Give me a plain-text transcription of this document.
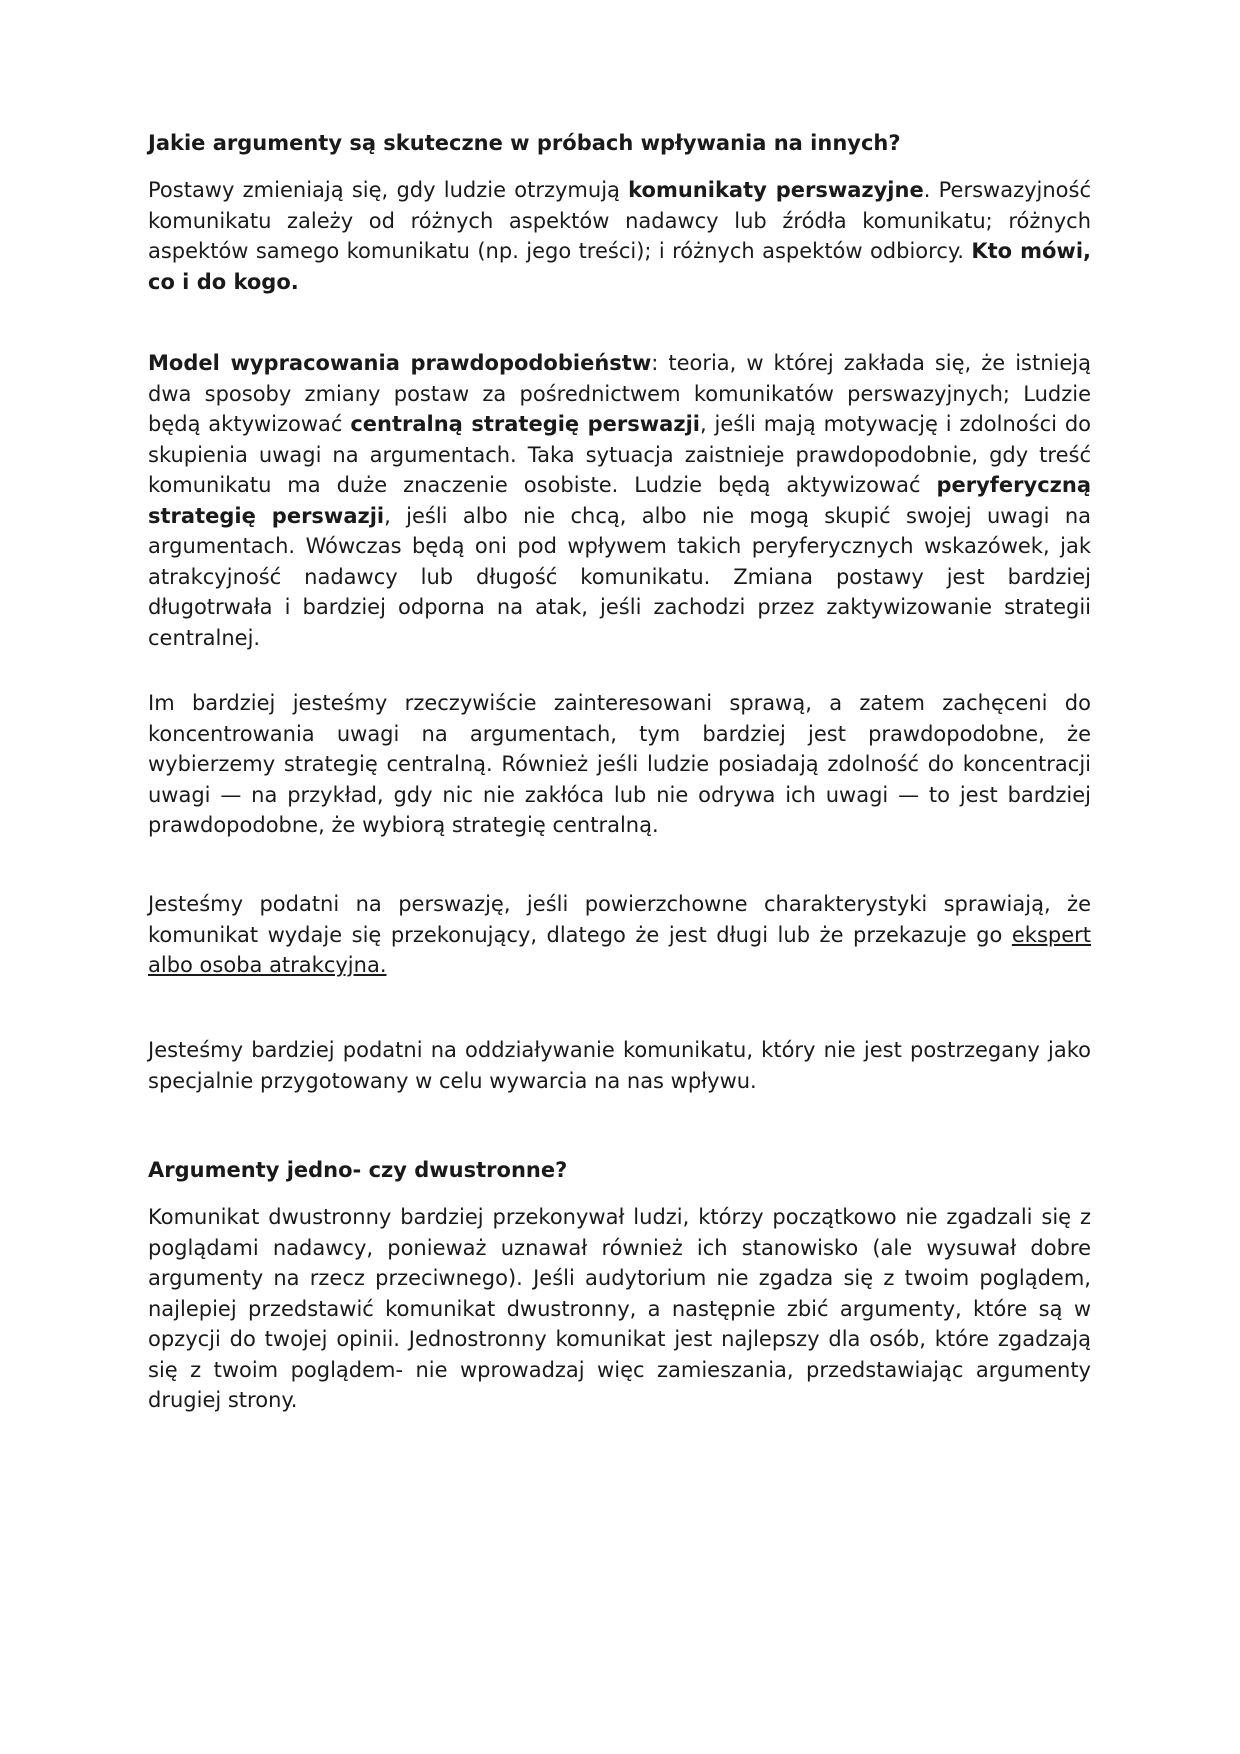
Jakie argumenty są skuteczne w próbach wpływania na innych?

Postawy zmieniają się, gdy ludzie otrzymują komunikaty perswazyjne. Perswazyjność komunikatu zależy od różnych aspektów nadawcy lub źródła komunikatu; różnych aspektów samego komunikatu (np. jego treści); i różnych aspektów odbiorcy. Kto mówi, co i do kogo.

Model wypracowania prawdopodobieństw: teoria, w której zakłada się, że istnieją dwa sposoby zmiany postaw za pośrednictwem komunikatów perswazyjnych; Ludzie będą aktywizować centralną strategię perswazji, jeśli mają motywację i zdolności do skupienia uwagi na argumentach. Taka sytuacja zaistnieje prawdopodobnie, gdy treść komunikatu ma duże znaczenie osobiste. Ludzie będą aktywizować peryferyczną strategię perswazji, jeśli albo nie chcą, albo nie mogą skupić swojej uwagi na argumentach. Wówczas będą oni pod wpływem takich peryferycznych wskazówek, jak atrakcyjność nadawcy lub długość komunikatu. Zmiana postawy jest bardziej długotrwała i bardziej odporna na atak, jeśli zachodzi przez zaktywizowanie strategii centralnej.

Im bardziej jesteśmy rzeczywiście zainteresowani sprawą, a zatem zachęceni do koncentrowania uwagi na argumentach, tym bardziej jest prawdopodobne, że wybierzemy strategię centralną. Również jeśli ludzie posiadają zdolność do koncentracji uwagi — na przykład, gdy nic nie zakłóca lub nie odrywa ich uwagi — to jest bardziej prawdopodobne, że wybiorą strategię centralną.

Jesteśmy podatni na perswazję, jeśli powierzchowne charakterystyki sprawiają, że komunikat wydaje się przekonujący, dlatego że jest długi lub że przekazuje go ekspert albo osoba atrakcyjna.

Jesteśmy bardziej podatni na oddziaływanie komunikatu, który nie jest postrzegany jako specjalnie przygotowany w celu wywarcia na nas wpływu.

Argumenty jedno- czy dwustronne?

Komunikat dwustronny bardziej przekonywał ludzi, którzy początkowo nie zgadzali się z poglądami nadawcy, ponieważ uznawał również ich stanowisko (ale wysuwał dobre argumenty na rzecz przeciwnego). Jeśli audytorium nie zgadza się z twoim poglądem, najlepiej przedstawić komunikat dwustronny, a następnie zbić argumenty, które są w opzycji do twojej opinii. Jednostronny komunikat jest najlepszy dla osób, które zgadzają się z twoim poglądem- nie wprowadzaj więc zamieszania, przedstawiając argumenty drugiej strony.
